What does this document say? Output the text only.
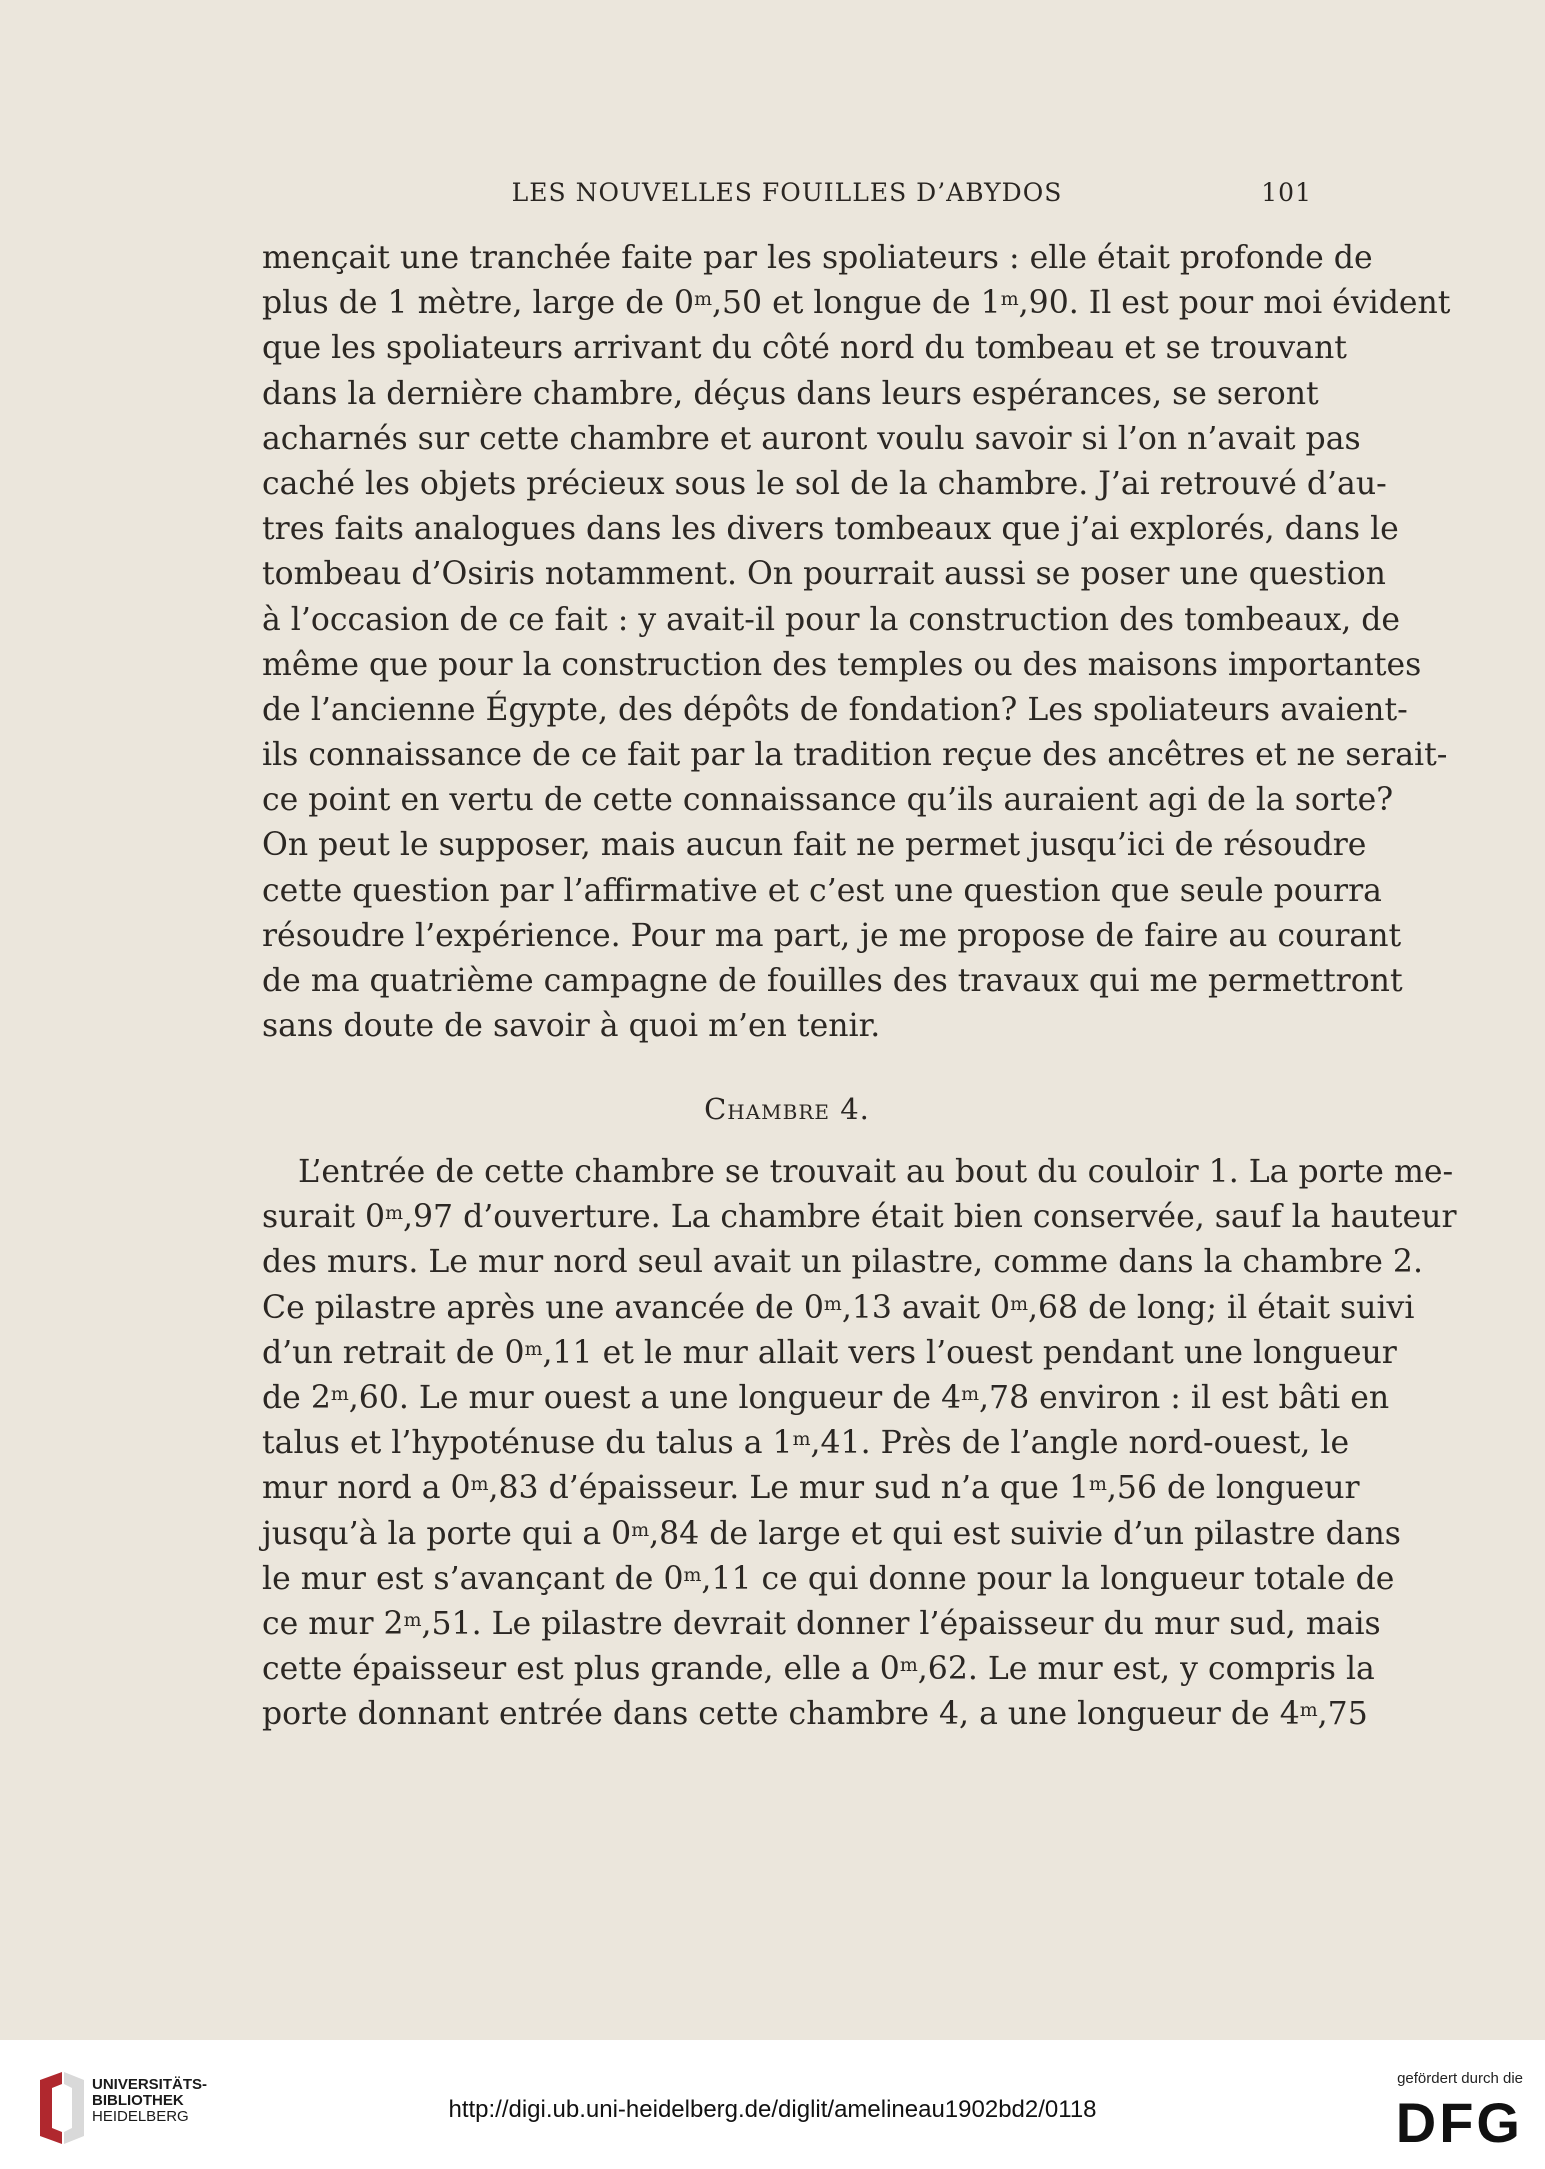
LES NOUVELLES FOUILLES D’ABYDOS	101
mençait une tranchée faite par les spoliateurs : elle était profonde de
plus de 1 mètre, large de 0$^m$,50 et longue de 1$^m$,90. Il est pour moi évident
que les spoliateurs arrivant du côté nord du tombeau et se trouvant
dans la dernière chambre, déçus dans leurs espérances, se seront
acharnés sur cette chambre et auront voulu savoir si l’on n’avait pas
caché les objets précieux sous le sol de la chambre. J’ai retrouvé d’au-
tres faits analogues dans les divers tombeaux que j’ai explorés, dans le
tombeau d’Osiris notamment. On pourrait aussi se poser une question
à l’occasion de ce fait : y avait-il pour la construction des tombeaux, de
même que pour la construction des temples ou des maisons importantes
de l’ancienne Égypte, des dépôts de fondation? Les spoliateurs avaient-
ils connaissance de ce fait par la tradition reçue des ancêtres et ne serait-
ce point en vertu de cette connaissance qu’ils auraient agi de la sorte?
On peut le supposer, mais aucun fait ne permet jusqu’ici de résoudre
cette question par l’affirmative et c’est une question que seule pourra
résoudre l’expérience. Pour ma part, je me propose de faire au courant
de ma quatrième campagne de fouilles des travaux qui me permettront
sans doute de savoir à quoi m’en tenir.
Chambre 4.
L’entrée de cette chambre se trouvait au bout du couloir 1. La porte me-
surait 0$^m$,97 d’ouverture. La chambre était bien conservée, sauf la hauteur
des murs. Le mur nord seul avait un pilastre, comme dans la chambre 2.
Ce pilastre après une avancée de 0$^m$,13 avait 0$^m$,68 de long; il était suivi
d’un retrait de 0$^m$,11 et le mur allait vers l’ouest pendant une longueur
de 2$^m$,60. Le mur ouest a une longueur de 4$^m$,78 environ : il est bâti en
talus et l’hypoténuse du talus a 1$^m$,41. Près de l’angle nord-ouest, le
mur nord a 0$^m$,83 d’épaisseur. Le mur sud n’a que 1$^m$,56 de longueur
jusqu’à la porte qui a 0$^m$,84 de large et qui est suivie d’un pilastre dans
le mur est s’avançant de 0$^m$,11 ce qui donne pour la longueur totale de
ce mur 2$^m$,51. Le pilastre devrait donner l’épaisseur du mur sud, mais
cette épaisseur est plus grande, elle a 0$^m$,62. Le mur est, y compris la
porte donnant entrée dans cette chambre 4, a une longueur de 4$^m$,75
UNIVERSITÄTS-
BIBLIOTHEK
HEIDELBERG	http://digi.ub.uni-heidelberg.de/diglit/amelineau1902bd2/0118
gefördert durch die
DFG
